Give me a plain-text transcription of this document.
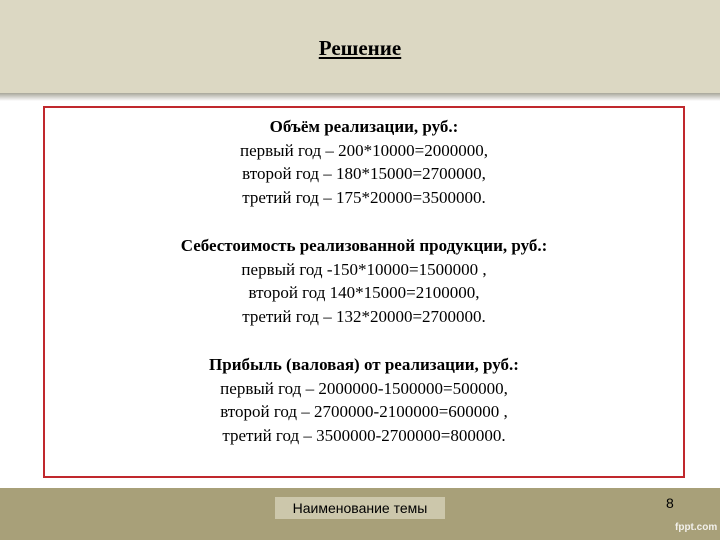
Решение
Объём реализации, руб.:
первый год – 200*10000=2000000,
второй год – 180*15000=2700000,
третий год – 175*20000=3500000.
Себестоимость реализованной продукции, руб.:
первый год -150*10000=1500000 ,
второй год 140*15000=2100000,
третий год – 132*20000=2700000.
Прибыль (валовая) от реализации, руб.:
первый год – 2000000-1500000=500000,
второй год – 2700000-2100000=600000 ,
третий год – 3500000-2700000=800000.
Наименование темы	8
fppt.com
